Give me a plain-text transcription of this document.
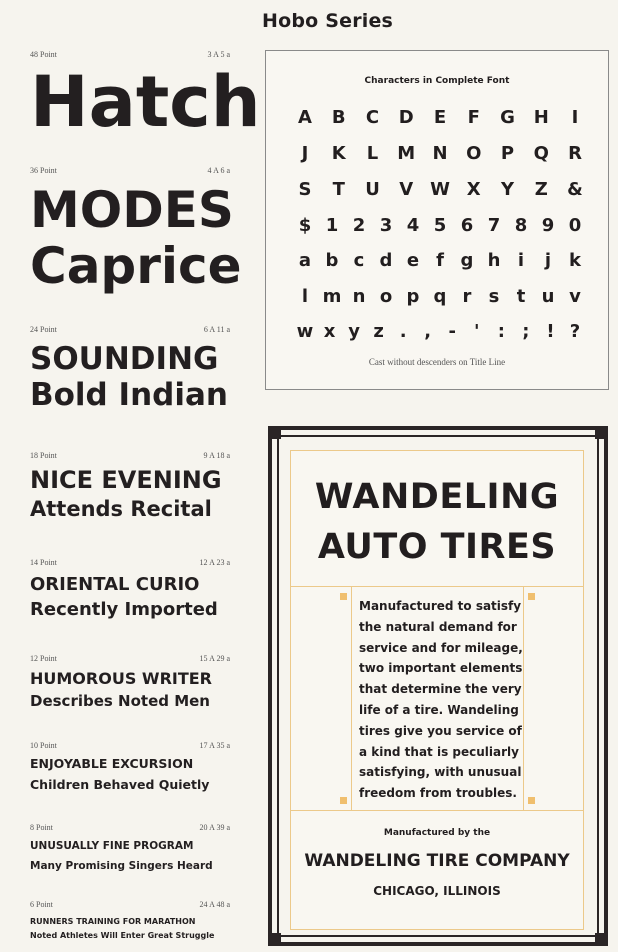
Hobo Series
48 Point	3 A 5 a
Hatch
36 Point	4 A 6 a
MODES
Caprice
24 Point	6 A 11 a
SOUNDING
Bold Indian
18 Point	9 A 18 a
NICE EVENING
Attends Recital
14 Point	12 A 23 a
ORIENTAL CURIO
Recently Imported
12 Point	15 A 29 a
HUMOROUS WRITER
Describes Noted Men
10 Point	17 A 35 a
ENJOYABLE EXCURSION
Children Behaved Quietly
8 Point	20 A 39 a
UNUSUALLY FINE PROGRAM
Many Promising Singers Heard
6 Point	24 A 48 a
RUNNERS TRAINING FOR MARATHON
Noted Athletes Will Enter Great Struggle
Characters in Complete Font
A	B	C	D	E	F	G	H	I
J	K	L	M N	O	P	Q	R
S	T	U	V W X	Y	Z	&
$ 1 2 3 4 5 6 7 8 9 0
a b c d e f g h i	j k
l m n o p q r s t u v
w x y z . , -	'	: ; ! ?
Cast without descenders on Title Line
WANDELING
AUTO TIRES
Manufactured to satisfy
the natural demand for
service and for mileage,
two important elements
that determine the very
life of a tire. Wandeling
tires give you service of
a kind that is peculiarly
satisfying, with unusual
freedom from troubles.
Manufactured by the
WANDELING TIRE COMPANY
CHICAGO, ILLINOIS
